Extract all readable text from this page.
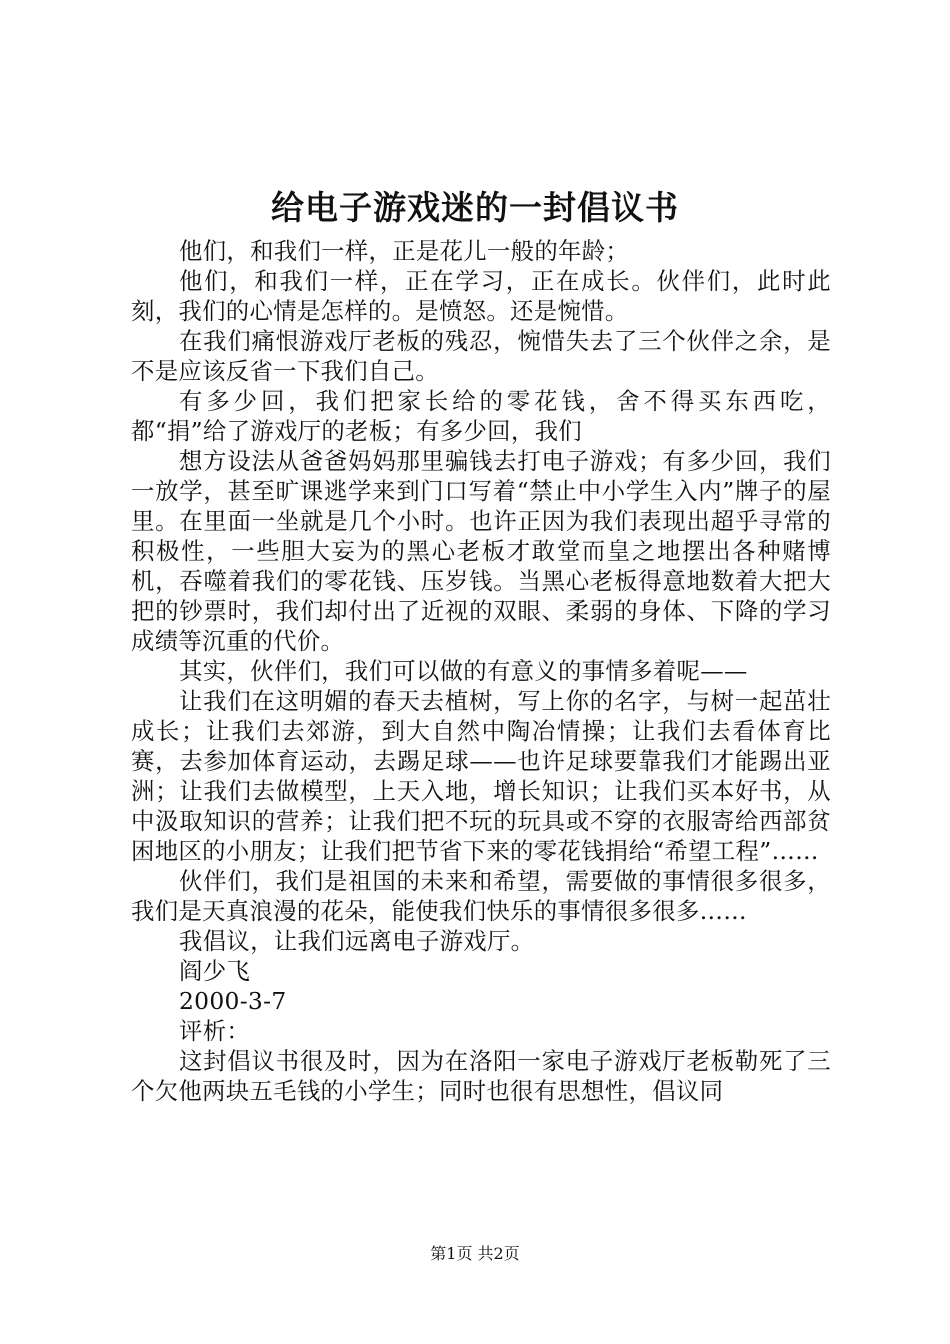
给电子游戏迷的一封倡议书

他们，和我们一样，正是花儿一般的年龄；

他们，和我们一样，正在学习，正在成长。伙伴们，此时此刻，我们的心情是怎样的。是愤怒。还是惋惜。

在我们痛恨游戏厅老板的残忍，惋惜失去了三个伙伴之余，是不是应该反省一下我们自己。

有多少回，我们把家长给的零花钱，舍不得买东西吃，都“捐”给了游戏厅的老板；有多少回，我们

想方设法从爸爸妈妈那里骗钱去打电子游戏；有多少回，我们一放学，甚至旷课逃学来到门口写着“禁止中小学生入内”牌子的屋里。在里面一坐就是几个小时。也许正因为我们表现出超乎寻常的积极性，一些胆大妄为的黑心老板才敢堂而皇之地摆出各种赌博机，吞噬着我们的零花钱、压岁钱。当黑心老板得意地数着大把大把的钞票时，我们却付出了近视的双眼、柔弱的身体、下降的学习成绩等沉重的代价。

其实，伙伴们，我们可以做的有意义的事情多着呢——

让我们在这明媚的春天去植树，写上你的名字，与树一起茁壮成长；让我们去郊游，到大自然中陶冶情操；让我们去看体育比赛，去参加体育运动，去踢足球——也许足球要靠我们才能踢出亚洲；让我们去做模型，上天入地，增长知识；让我们买本好书，从中汲取知识的营养；让我们把不玩的玩具或不穿的衣服寄给西部贫困地区的小朋友；让我们把节省下来的零花钱捐给“希望工程”……

伙伴们，我们是祖国的未来和希望，需要做的事情很多很多，我们是天真浪漫的花朵，能使我们快乐的事情很多很多……

我倡议，让我们远离电子游戏厅。

阎少飞

2000-3-7

评析：

这封倡议书很及时，因为在洛阳一家电子游戏厅老板勒死了三个欠他两块五毛钱的小学生；同时也很有思想性，倡议同

第1页 共2页
